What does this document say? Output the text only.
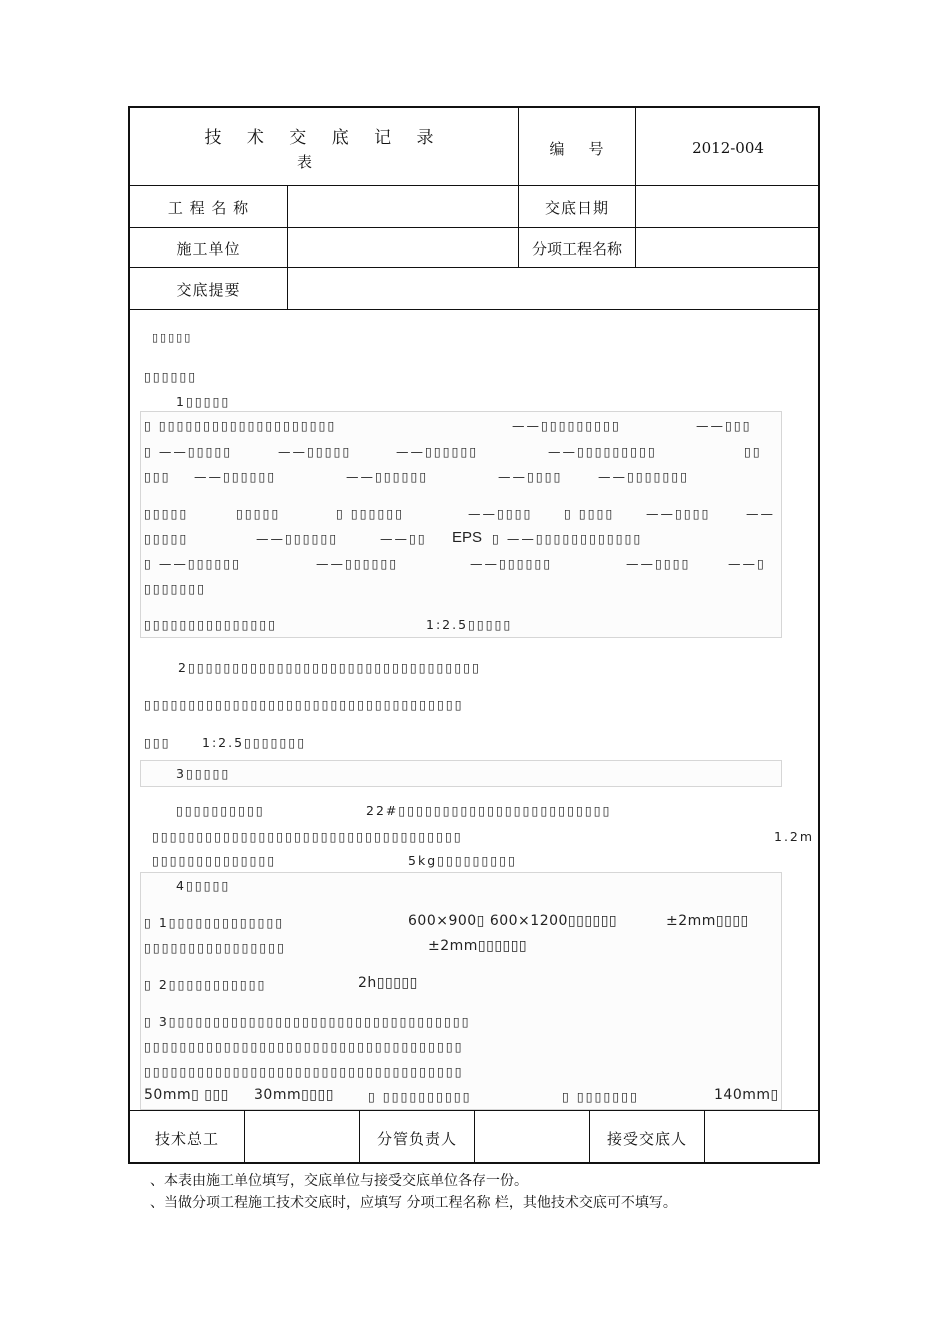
技 术 交 底 记 录
表
编    号	2012-004
工 程 名 称	交底日期
施工单位	分项工程名称
交底提要
▯▯▯▯▯
▯▯▯▯▯▯
1▯▯▯▯▯
▯ ▯▯▯▯▯▯▯▯▯▯▯▯▯▯▯▯▯▯▯▯	——▯▯▯▯▯▯▯▯▯	——▯▯▯
▯ ——▯▯▯▯▯	——▯▯▯▯▯	——▯▯▯▯▯▯	——▯▯▯▯▯▯▯▯▯	▯▯
▯▯▯ ——▯▯▯▯▯▯	——▯▯▯▯▯▯	——▯▯▯▯	——▯▯▯▯▯▯▯
▯▯▯▯▯	▯▯▯▯▯	▯ ▯▯▯▯▯▯	——▯▯▯▯	▯ ▯▯▯▯	——▯▯▯▯	——
▯▯▯▯▯	——▯▯▯▯▯▯	——▯▯ EPS ▯ ——▯▯▯▯▯▯▯▯▯▯▯▯
▯ ——▯▯▯▯▯▯	——▯▯▯▯▯▯	——▯▯▯▯▯▯	——▯▯▯▯	——▯
▯▯▯▯▯▯▯
▯▯▯▯▯▯▯▯▯▯▯▯▯▯▯	1:2.5▯▯▯▯▯
2▯▯▯▯▯▯▯▯▯▯▯▯▯▯▯▯▯▯▯▯▯▯▯▯▯▯▯▯▯▯▯▯▯
▯▯▯▯▯▯▯▯▯▯▯▯▯▯▯▯▯▯▯▯▯▯▯▯▯▯▯▯▯▯▯▯▯▯▯▯
▯▯▯	1:2.5▯▯▯▯▯▯▯
3▯▯▯▯▯
▯▯▯▯▯▯▯▯▯▯	22#▯▯▯▯▯▯▯▯▯▯▯▯▯▯▯▯▯▯▯▯▯▯▯▯
▯▯▯▯▯▯▯▯▯▯▯▯▯▯▯▯▯▯▯▯▯▯▯▯▯▯▯▯▯▯▯▯▯▯▯	1.2m
▯▯▯▯▯▯▯▯▯▯▯▯▯▯	5kg▯▯▯▯▯▯▯▯▯
4▯▯▯▯▯
▯ 1▯▯▯▯▯▯▯▯▯▯▯▯▯	600×900▯ 600×1200▯▯▯▯▯▯	±2mm▯▯▯▯
▯▯▯▯▯▯▯▯▯▯▯▯▯▯▯▯	±2mm▯▯▯▯▯▯
▯ 2▯▯▯▯▯▯▯▯▯▯▯	2h▯▯▯▯▯
▯ 3▯▯▯▯▯▯▯▯▯▯▯▯▯▯▯▯▯▯▯▯▯▯▯▯▯▯▯▯▯▯▯▯▯▯
▯▯▯▯▯▯▯▯▯▯▯▯▯▯▯▯▯▯▯▯▯▯▯▯▯▯▯▯▯▯▯▯▯▯▯▯
▯▯▯▯▯▯▯▯▯▯▯▯▯▯▯▯▯▯▯▯▯▯▯▯▯▯▯▯▯▯▯▯▯▯▯▯
50mm▯ ▯▯▯ 30mm▯▯▯▯	▯ ▯▯▯▯▯▯▯▯▯▯	▯ ▯▯▯▯▯▯▯	140mm▯
技术总工	分管负责人	接受交底人
、本表由施工单位填写，交底单位与接受交底单位各存一份。
、当做分项工程施工技术交底时，应填写 分项工程名称 栏，其他技术交底可不填写。
